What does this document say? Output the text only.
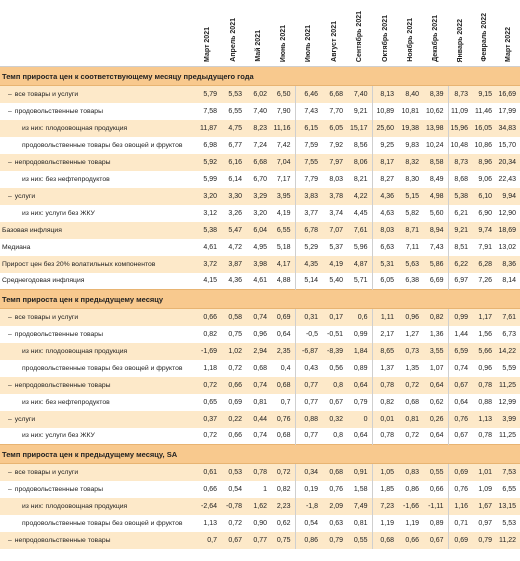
	Март 2021	Апрель 2021	Май 2021	Июнь 2021	Июль 2021	Август 2021	Сентябрь 2021	Октябрь 2021	Ноябрь 2021	Декабрь 2021	Январь 2022	Февраль 2022	Март 2022
Темп прироста цен к соответствующему месяцу предыдущего года													
– все товары и услуги	5,79	5,53	6,02	6,50	6,46	6,68	7,40	8,13	8,40	8,39	8,73	9,15	16,69
– продовольственные товары	7,58	6,55	7,40	7,90	7,43	7,70	9,21	10,89	10,81	10,62	11,09	11,46	17,99
из них: плодоовощная продукция	11,87	4,75	8,23	11,16	6,15	6,05	15,17	25,60	19,38	13,98	15,96	16,05	34,83
продовольственные товары без овощей и фруктов	6,98	6,77	7,24	7,42	7,59	7,92	8,56	9,25	9,83	10,24	10,48	10,86	15,70
– непродовольственные товары	5,92	6,16	6,68	7,04	7,55	7,97	8,06	8,17	8,32	8,58	8,73	8,96	20,34
из них: без нефтепродуктов	5,99	6,14	6,70	7,17	7,79	8,03	8,21	8,27	8,30	8,49	8,68	9,06	22,43
– услуги	3,20	3,30	3,29	3,95	3,83	3,78	4,22	4,36	5,15	4,98	5,38	6,10	9,94
из них: услуги без ЖКУ	3,12	3,26	3,20	4,19	3,77	3,74	4,45	4,63	5,82	5,60	6,21	6,90	12,90
Базовая инфляция	5,38	5,47	6,04	6,55	6,78	7,07	7,61	8,03	8,71	8,94	9,21	9,74	18,69
Медиана	4,61	4,72	4,95	5,18	5,29	5,37	5,96	6,63	7,11	7,43	8,51	7,91	13,02
Прирост цен без 20% волатильных компонентов	3,72	3,87	3,98	4,17	4,35	4,19	4,87	5,31	5,63	5,86	6,22	6,28	8,36
Среднегодовая инфляция	4,15	4,36	4,61	4,88	5,14	5,40	5,71	6,05	6,38	6,69	6,97	7,26	8,14
Темп прироста цен к предыдущему месяцу													
– все товары и услуги	0,66	0,58	0,74	0,69	0,31	0,17	0,6	1,11	0,96	0,82	0,99	1,17	7,61
– продовольственные товары	0,82	0,75	0,96	0,64	-0,5	-0,51	0,99	2,17	1,27	1,36	1,44	1,56	6,73
из них: плодоовощная продукция	-1,69	1,02	2,94	2,35	-6,87	-8,39	1,84	8,65	0,73	3,55	6,59	5,66	14,22
продовольственные товары без овощей и фруктов	1,18	0,72	0,68	0,4	0,43	0,56	0,89	1,37	1,35	1,07	0,74	0,96	5,59
– непродовольственные товары	0,72	0,66	0,74	0,68	0,77	0,8	0,64	0,78	0,72	0,64	0,67	0,78	11,25
из них: без нефтепродуктов	0,65	0,69	0,81	0,7	0,77	0,67	0,79	0,82	0,68	0,62	0,64	0,88	12,99
– услуги	0,37	0,22	0,44	0,76	0,88	0,32	0	0,01	0,81	0,26	0,76	1,13	3,99
из них: услуги без ЖКУ	0,72	0,66	0,74	0,68	0,77	0,8	0,64	0,78	0,72	0,64	0,67	0,78	11,25
Темп прироста цен к предыдущему месяцу, SA													
– все товары и услуги	0,61	0,53	0,78	0,72	0,34	0,68	0,91	1,05	0,83	0,55	0,69	1,01	7,53
– продовольственные товары	0,66	0,54	1	0,82	0,19	0,76	1,58	1,85	0,86	0,66	0,76	1,09	6,55
из них: плодоовощная продукция	-2,64	-0,78	1,62	2,23	-1,8	2,09	7,49	7,23	-1,66	-1,11	1,16	1,67	13,15
продовольственные товары без овощей и фруктов	1,13	0,72	0,90	0,62	0,54	0,63	0,81	1,19	1,19	0,89	0,71	0,97	5,53
– непродовольственные товары	0,7	0,67	0,77	0,75	0,86	0,79	0,55	0,68	0,66	0,67	0,69	0,79	11,22
